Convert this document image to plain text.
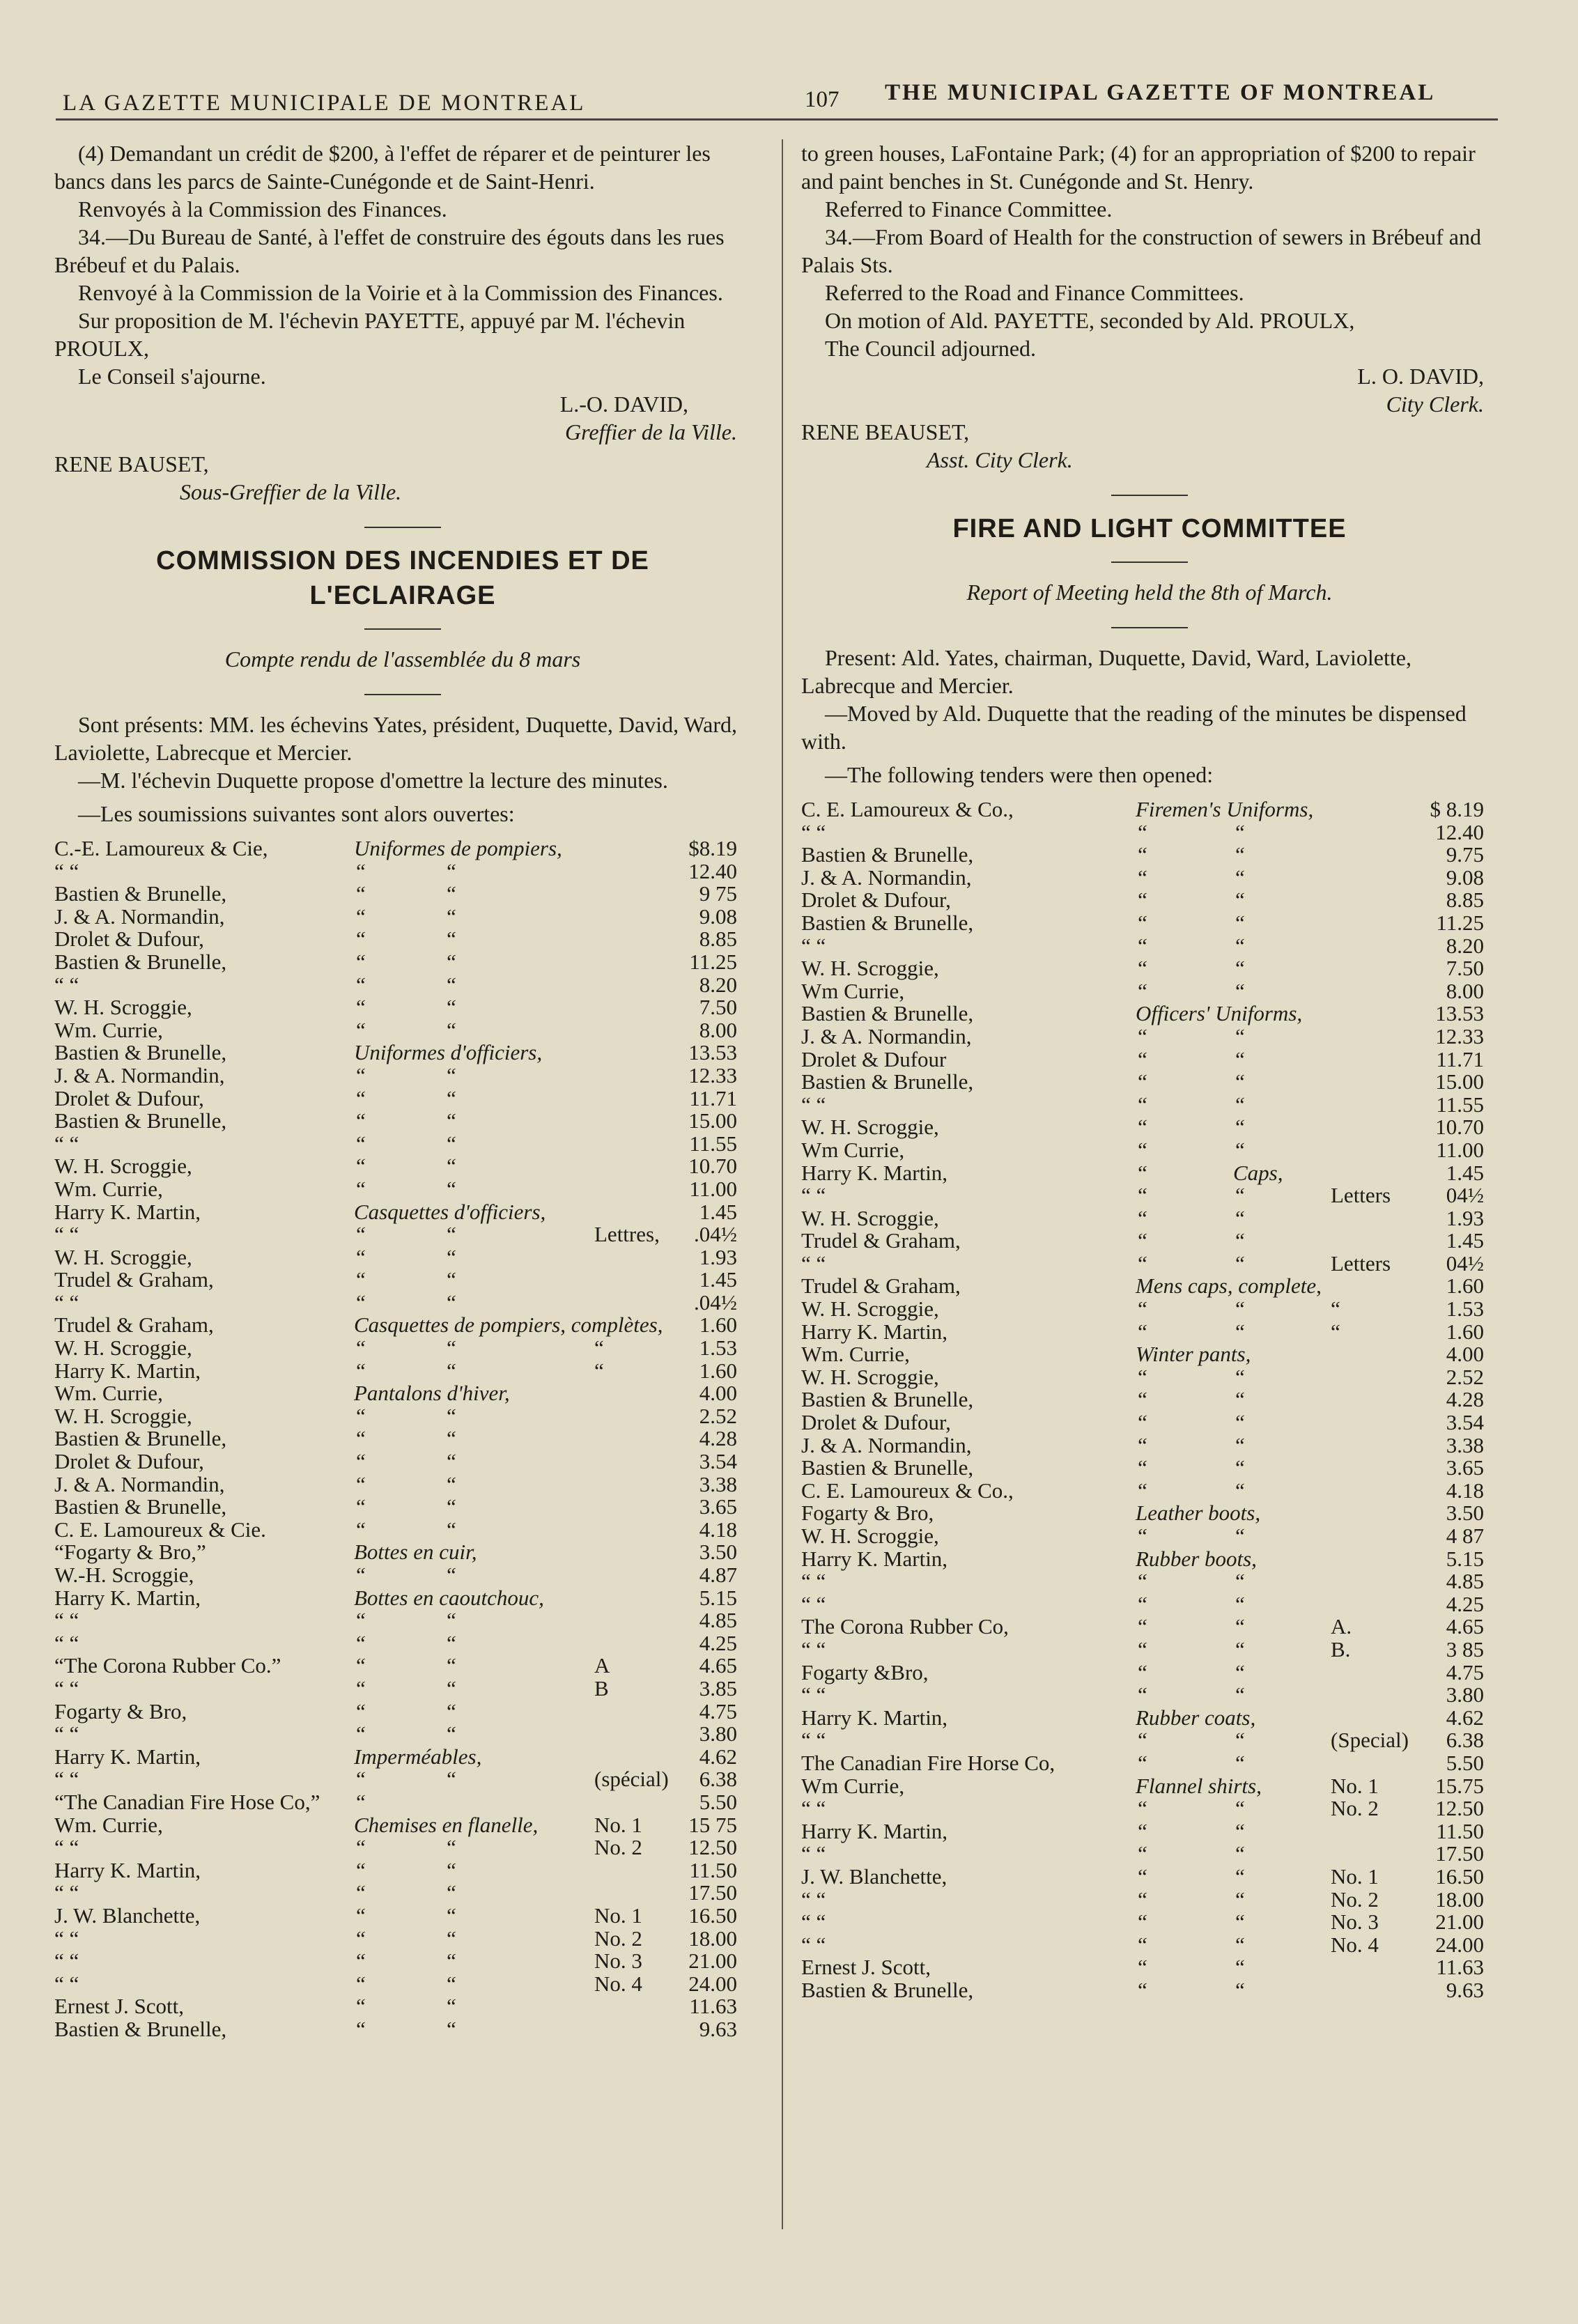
LA GAZETTE MUNICIPALE DE MONTREAL	107 THE MUNICIPAL GAZETTE OF MONTREAL

(4) Demandant un crédit de $200, à l'effet de réparer et de peinturer les bancs dans les parcs de Sainte-Cunégonde et de Saint-Henri.

Renvoyés à la Commission des Finances.

34.—Du Bureau de Santé, à l'effet de construire des égouts dans les rues Brébeuf et du Palais.

Renvoyé à la Commission de la Voirie et à la Commission des Finances.

Sur proposition de M. l'échevin PAYETTE, appuyé par M. l'échevin PROULX,

Le Conseil s'ajourne.

L.-O. DAVID,

Greffier de la Ville.

RENE BAUSET,

Sous-Greffier de la Ville.

COMMISSION DES INCENDIES ET DE L'ECLAIRAGE

Compte rendu de l'assemblée du 8 mars

Sont présents: MM. les échevins Yates, président, Duquette, David, Ward, Laviolette, Labrecque et Mercier.

—M. l'échevin Duquette propose d'omettre la lecture des minutes.

—Les soumissions suivantes sont alors ouvertes:

C.-E. Lamoureux & Cie,	Uniformes de pompiers,	$8.19
“ “	“	“	12.40
Bastien & Brunelle,	“	“	9 75
J. & A. Normandin,	“	“	9.08
Drolet & Dufour,	“	“	8.85
Bastien & Brunelle,	“	“	11.25
“ “	“	“	8.20
W. H. Scroggie,	“	“	7.50
Wm. Currie,	“	“	8.00
Bastien & Brunelle,	Uniformes d'officiers,	13.53
J. & A. Normandin,	“	“	12.33
Drolet & Dufour,	“	“	11.71
Bastien & Brunelle,	“	“	15.00
“ “	“	“	11.55
W. H. Scroggie,	“	“	10.70
Wm. Currie,	“	“	11.00
Harry K. Martin,	Casquettes d'officiers,	1.45
“ “	“	“	Lettres, .04½
W. H. Scroggie,	“	“	1.93
Trudel & Graham,	“	“	1.45
“ “	“	“	.04½
Trudel & Graham,	Casquettes de pompiers, complètes, 1.60
W. H. Scroggie,	“	“	“	1.53
Harry K. Martin,	“	“	“	1.60
Wm. Currie,	Pantalons d'hiver,	4.00
W. H. Scroggie,	“	“	2.52
Bastien & Brunelle,	“	“	4.28
Drolet & Dufour,	“	“	3.54
J. & A. Normandin,	“	“	3.38
Bastien & Brunelle,	“	“	3.65
C. E. Lamoureux & Cie.	“	“	4.18
“Fogarty & Bro,”	Bottes en cuir,	3.50
W.-H. Scroggie,	“	“	4.87
Harry K. Martin,	Bottes en caoutchouc,	5.15
“ “	“	“	4.85
“ “	“	“	4.25
“The Corona Rubber Co.”	“	“	A	4.65
“ “	“	“	B	3.85
Fogarty & Bro,	“	“	4.75
“ “	“	“	3.80
Harry K. Martin,	Imperméables,	4.62
“ “	“	“	(spécial) 6.38
“The Canadian Fire Hose Co,” “	5.50
Wm. Currie,	Chemises en flanelle,	No. 1 15 75
“ “	“	“	No. 2 12.50
Harry K. Martin,	“	“	11.50
“ “	“	“	17.50
J. W. Blanchette,	“	“	No. 1 16.50
“ “	“	“	No. 2 18.00
“ “	“	“	No. 3 21.00
“ “	“	“	No. 4 24.00
Ernest J. Scott,	“	“	11.63
Bastien & Brunelle,	“	“	9.63

to green houses, LaFontaine Park; (4) for an appropriation of $200 to repair and paint benches in St. Cunégonde and St. Henry.

Referred to Finance Committee.

34.—From Board of Health for the construction of sewers in Brébeuf and Palais Sts.

Referred to the Road and Finance Committees.

On motion of Ald. PAYETTE, seconded by Ald. PROULX,

The Council adjourned.

L. O. DAVID,

City Clerk.

RENE BEAUSET,

Asst. City Clerk.

FIRE AND LIGHT COMMITTEE

Report of Meeting held the 8th of March.

Present: Ald. Yates, chairman, Duquette, David, Ward, Laviolette, Labrecque and Mercier.

—Moved by Ald. Duquette that the reading of the minutes be dispensed with.

—The following tenders were then opened:

C. E. Lamoureux & Co.,	Firemen's Uniforms,	$ 8.19
“ “	“	“	12.40
Bastien & Brunelle,	“	“	9.75
J. & A. Normandin,	“	“	9.08
Drolet & Dufour,	“	“	8.85
Bastien & Brunelle,	“	“	11.25
“ “	“	“	8.20
W. H. Scroggie,	“	“	7.50
Wm Currie,	“	“	8.00
Bastien & Brunelle,	Officers' Uniforms,	13.53
J. & A. Normandin,	“	“	12.33
Drolet & Dufour	“	“	11.71
Bastien & Brunelle,	“	“	15.00
“ “	“	“	11.55
W. H. Scroggie,	“	“	10.70
Wm Currie,	“	“	11.00
Harry K. Martin,	“	Caps,	1.45
“ “	“	“	Letters	04½
W. H. Scroggie,	“	“	1.93
Trudel & Graham,	“	“	1.45
“ “	“	“	Letters	04½
Trudel & Graham,	Mens caps, complete,	1.60
W. H. Scroggie,	“	“	“	1.53
Harry K. Martin,	“	“	“	1.60
Wm. Currie,	Winter pants,	4.00
W. H. Scroggie,	“	“	2.52
Bastien & Brunelle,	“	“	4.28
Drolet & Dufour,	“	“	3.54
J. & A. Normandin,	“	“	3.38
Bastien & Brunelle,	“	“	3.65
C. E. Lamoureux & Co.,	“	“	4.18
Fogarty & Bro,	Leather boots,	3.50
W. H. Scroggie,	“	“	4 87
Harry K. Martin,	Rubber boots,	5.15
“ “	“	“	4.85
“ “	“	“	4.25
The Corona Rubber Co,	“	“	A.	4.65
“ “	“	“	B.	3 85
Fogarty &Bro,	“	“	4.75
“ “	“	“	3.80
Harry K. Martin,	Rubber coats,	4.62
“ “	“	“	(Special) 6.38
The Canadian Fire Horse Co,	“	“	5.50
Wm Currie,	Flannel shirts,	No. 1	15.75
“ “	“	“	No. 2	12.50
Harry K. Martin,	“	“	11.50
“ “	“	“	17.50
J. W. Blanchette,	“	“	No. 1	16.50
“ “	“	“	No. 2	18.00
“ “	“	“	No. 3	21.00
“ “	“	“	No. 4	24.00
Ernest J. Scott,	“	“	11.63
Bastien & Brunelle,	“	“	9.63
